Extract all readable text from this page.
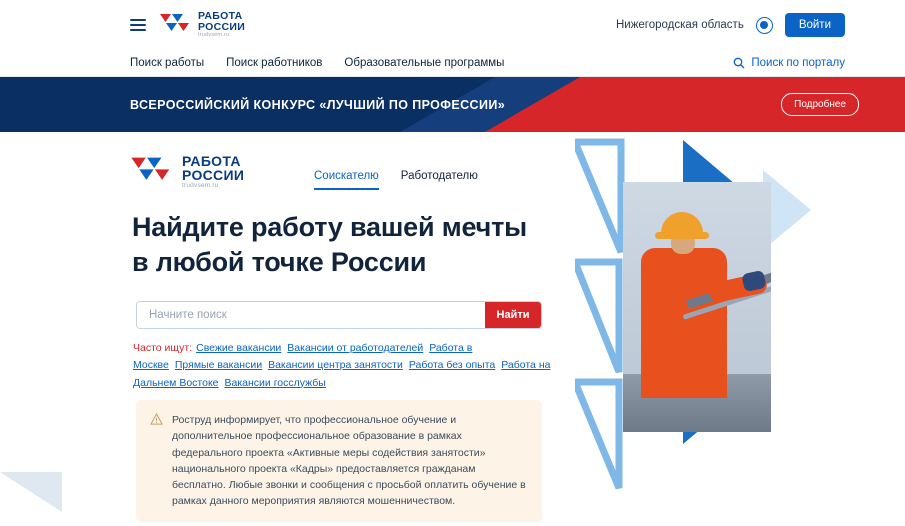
РАБОТА
РОССИИ
trudvsem.ru
Нижегородская область	Войти
Поиск работы Поиск работников Образовательные программы	Поиск по порталу
ВСЕРОССИЙСКИЙ КОНКУРС «ЛУЧШИЙ ПО ПРОФЕССИИ»	Подробнее
РАБОТА
РОССИИ
trudvsem.ru
Соискателю Работодателю
Найдите работу вашей мечты
в любой точке России
Начните поиск
Найти
Часто ищут: Свежие вакансии Вакансии от работодателей Работа в Москве Прямые вакансии Вакансии центра занятости Работа без опыта Работа на Дальнем Востоке Вакансии госслужбы
Роструд информирует, что профессиональное обучение и дополнительное профессиональное образование в рамках федерального проекта «Активные меры содействия занятости» национального проекта «Кадры» предоставляется гражданам бесплатно. Любые звонки и сообщения с просьбой оплатить обучение в рамках данного мероприятия являются мошенничеством.
